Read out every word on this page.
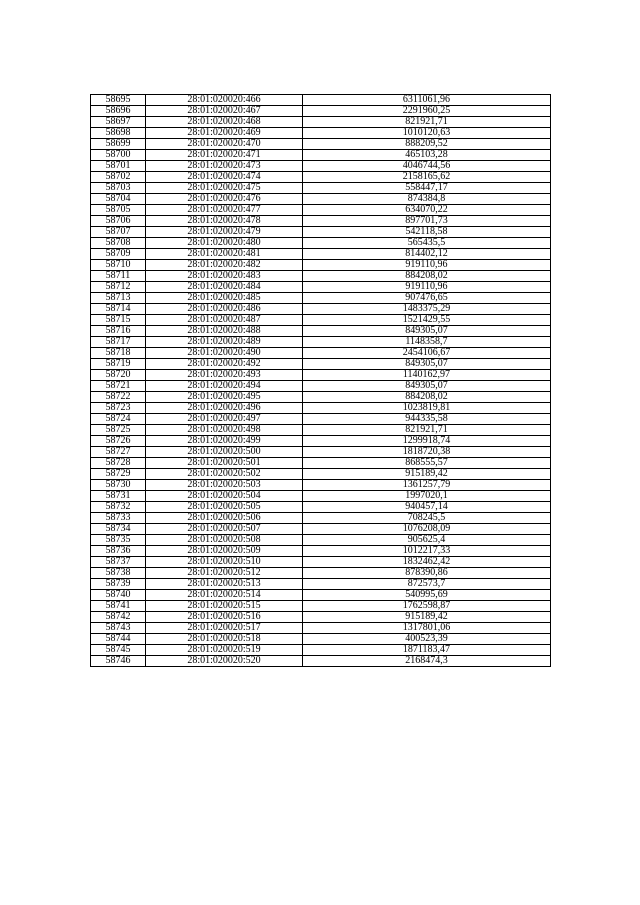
58695	28:01:020020:466	6311061,96
58696	28:01:020020:467	2291960,25
58697	28:01:020020:468	821921,71
58698	28:01:020020:469	1010120,63
58699	28:01:020020:470	888209,52
58700	28:01:020020:471	465103,28
58701	28:01:020020:473	4046744,56
58702	28:01:020020:474	2158165,62
58703	28:01:020020:475	558447,17
58704	28:01:020020:476	874384,8
58705	28:01:020020:477	634070,22
58706	28:01:020020:478	897701,73
58707	28:01:020020:479	542118,58
58708	28:01:020020:480	565435,5
58709	28:01:020020:481	814402,12
58710	28:01:020020:482	919110,96
58711	28:01:020020:483	884208,02
58712	28:01:020020:484	919110,96
58713	28:01:020020:485	907476,65
58714	28:01:020020:486	1483375,29
58715	28:01:020020:487	1521429,55
58716	28:01:020020:488	849305,07
58717	28:01:020020:489	1148358,7
58718	28:01:020020:490	2454106,67
58719	28:01:020020:492	849305,07
58720	28:01:020020:493	1140162,97
58721	28:01:020020:494	849305,07
58722	28:01:020020:495	884208,02
58723	28:01:020020:496	1023819,81
58724	28:01:020020:497	944335,58
58725	28:01:020020:498	821921,71
58726	28:01:020020:499	1299918,74
58727	28:01:020020:500	1818720,38
58728	28:01:020020:501	868555,57
58729	28:01:020020:502	915189,42
58730	28:01:020020:503	1361257,79
58731	28:01:020020:504	1997020,1
58732	28:01:020020:505	940457,14
58733	28:01:020020:506	708245,5
58734	28:01:020020:507	1076208,09
58735	28:01:020020:508	905625,4
58736	28:01:020020:509	1012217,33
58737	28:01:020020:510	1832462,42
58738	28:01:020020:512	878390,86
58739	28:01:020020:513	872573,7
58740	28:01:020020:514	540995,69
58741	28:01:020020:515	1762598,87
58742	28:01:020020:516	915189,42
58743	28:01:020020:517	1317801,06
58744	28:01:020020:518	400523,39
58745	28:01:020020:519	1871183,47
58746	28:01:020020:520	2168474,3
